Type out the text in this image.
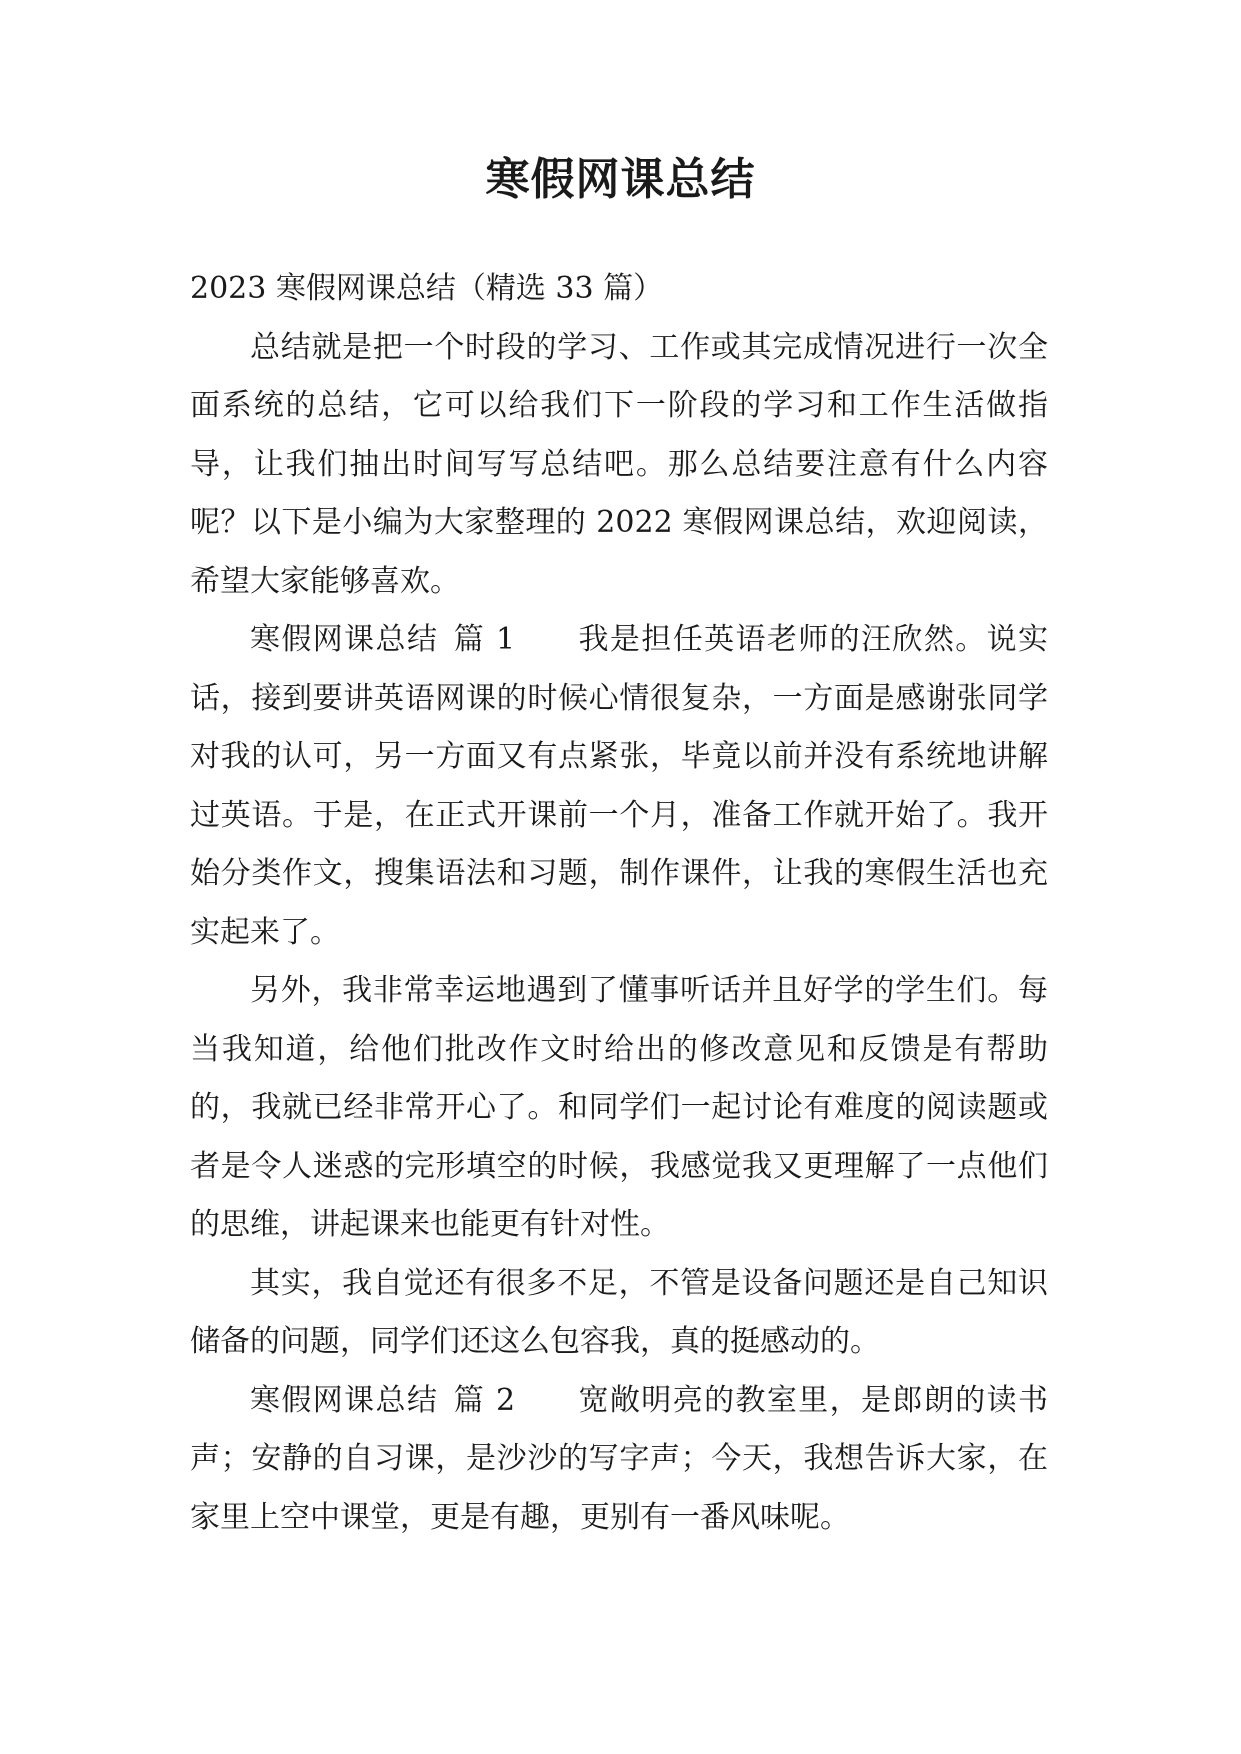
寒假网课总结

2023 寒假网课总结（精选 33 篇）

总结就是把一个时段的学习、工作或其完成情况进行一次全面系统的总结，它可以给我们下一阶段的学习和工作生活做指导，让我们抽出时间写写总结吧。那么总结要注意有什么内容呢？以下是小编为大家整理的 2022 寒假网课总结，欢迎阅读，希望大家能够喜欢。

寒假网课总结 篇 1 我是担任英语老师的汪欣然。说实话，接到要讲英语网课的时候心情很复杂，一方面是感谢张同学对我的认可，另一方面又有点紧张，毕竟以前并没有系统地讲解过英语。于是，在正式开课前一个月，准备工作就开始了。我开始分类作文，搜集语法和习题，制作课件，让我的寒假生活也充实起来了。

另外，我非常幸运地遇到了懂事听话并且好学的学生们。每当我知道，给他们批改作文时给出的修改意见和反馈是有帮助的，我就已经非常开心了。和同学们一起讨论有难度的阅读题或者是令人迷惑的完形填空的时候，我感觉我又更理解了一点他们的思维，讲起课来也能更有针对性。

其实，我自觉还有很多不足，不管是设备问题还是自己知识储备的问题，同学们还这么包容我，真的挺感动的。

寒假网课总结 篇 2 宽敞明亮的教室里，是郎朗的读书声；安静的自习课，是沙沙的写字声；今天，我想告诉大家，在家里上空中课堂，更是有趣，更别有一番风味呢。
